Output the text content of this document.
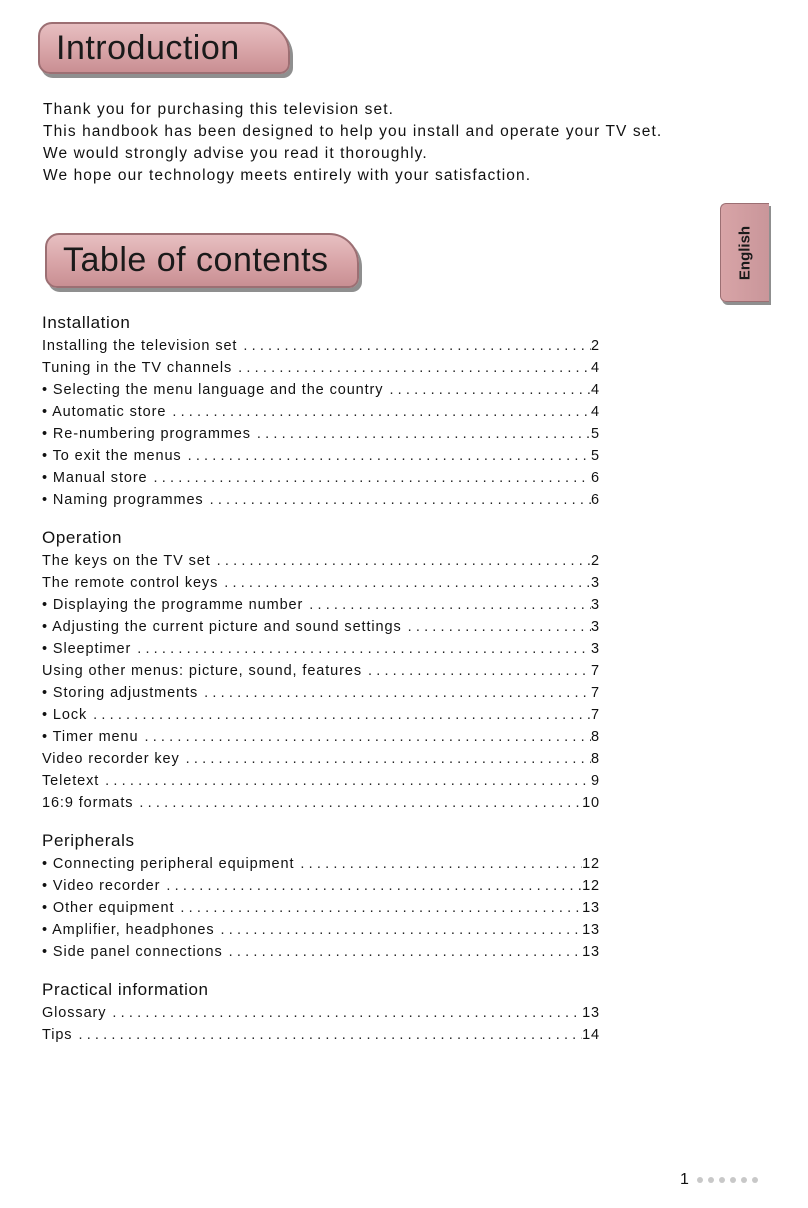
Introduction

Thank you for purchasing this television set.

This handbook has been designed to help you install and operate your TV set.

We would strongly advise you read it thoroughly.

We hope our technology meets entirely with your satisfaction.

English
Table of contents
Installation
Installing the television set .....	2
Tuning in the TV channels .....	4
• Selecting the menu language and the country .....	4
• Automatic store .....	4
• Re-numbering programmes .....	5
• To exit the menus .....	5
• Manual store .....	6
• Naming programmes .....	6
Operation
The keys on the TV set .....	2
The remote control keys .....	3
• Displaying the programme number .....	3
• Adjusting the current picture and sound settings .....	3
• Sleeptimer .....	3
Using other menus: picture, sound, features .....	7
• Storing adjustments .....	7
• Lock .....	7
• Timer menu .....	8
Video recorder key .....	8
Teletext .....	9
16:9 formats .....	10
Peripherals
• Connecting peripheral equipment .....	12
• Video recorder .....	12
• Other equipment .....	13
• Amplifier, headphones .....	13
• Side panel connections .....	13
Practical information
Glossary .....	13
Tips .....	14
1
